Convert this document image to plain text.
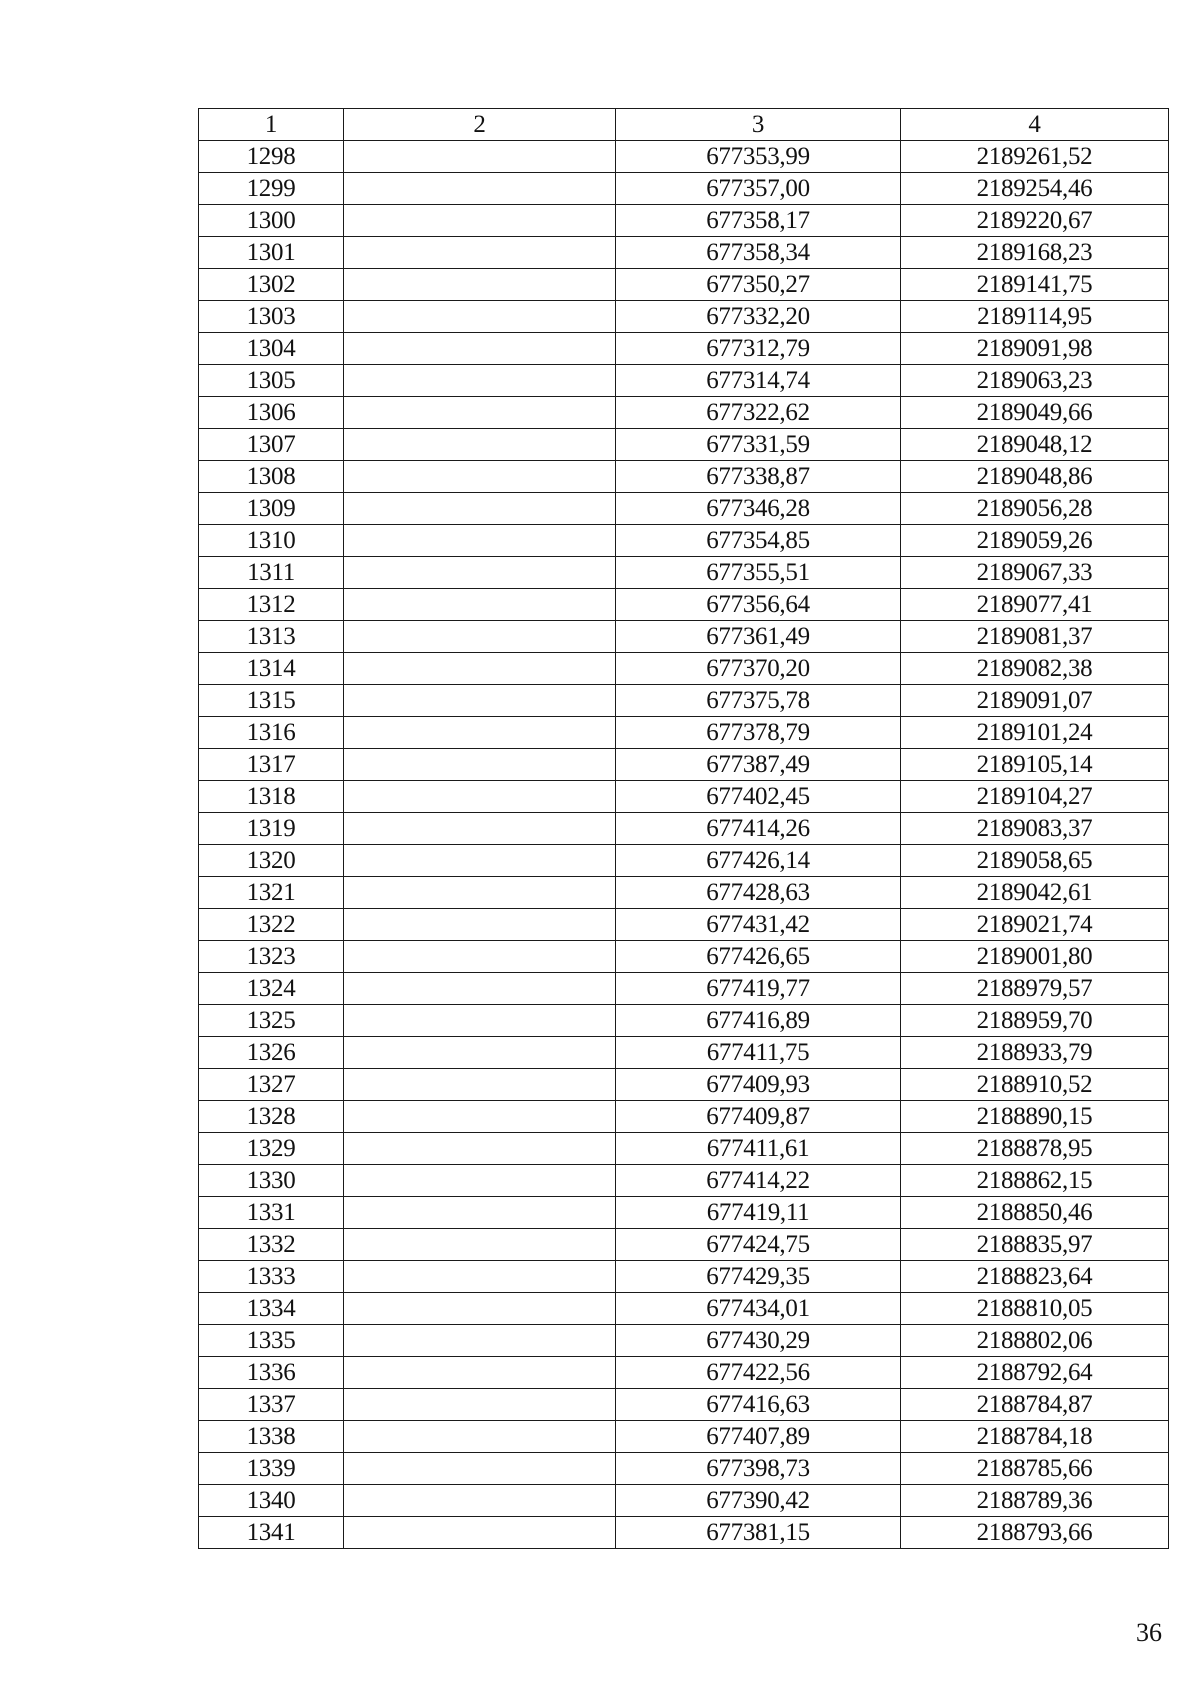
1	2	3	4
1298		677353,99	2189261,52
1299		677357,00	2189254,46
1300		677358,17	2189220,67
1301		677358,34	2189168,23
1302		677350,27	2189141,75
1303		677332,20	2189114,95
1304		677312,79	2189091,98
1305		677314,74	2189063,23
1306		677322,62	2189049,66
1307		677331,59	2189048,12
1308		677338,87	2189048,86
1309		677346,28	2189056,28
1310		677354,85	2189059,26
1311		677355,51	2189067,33
1312		677356,64	2189077,41
1313		677361,49	2189081,37
1314		677370,20	2189082,38
1315		677375,78	2189091,07
1316		677378,79	2189101,24
1317		677387,49	2189105,14
1318		677402,45	2189104,27
1319		677414,26	2189083,37
1320		677426,14	2189058,65
1321		677428,63	2189042,61
1322		677431,42	2189021,74
1323		677426,65	2189001,80
1324		677419,77	2188979,57
1325		677416,89	2188959,70
1326		677411,75	2188933,79
1327		677409,93	2188910,52
1328		677409,87	2188890,15
1329		677411,61	2188878,95
1330		677414,22	2188862,15
1331		677419,11	2188850,46
1332		677424,75	2188835,97
1333		677429,35	2188823,64
1334		677434,01	2188810,05
1335		677430,29	2188802,06
1336		677422,56	2188792,64
1337		677416,63	2188784,87
1338		677407,89	2188784,18
1339		677398,73	2188785,66
1340		677390,42	2188789,36
1341		677381,15	2188793,66
36
